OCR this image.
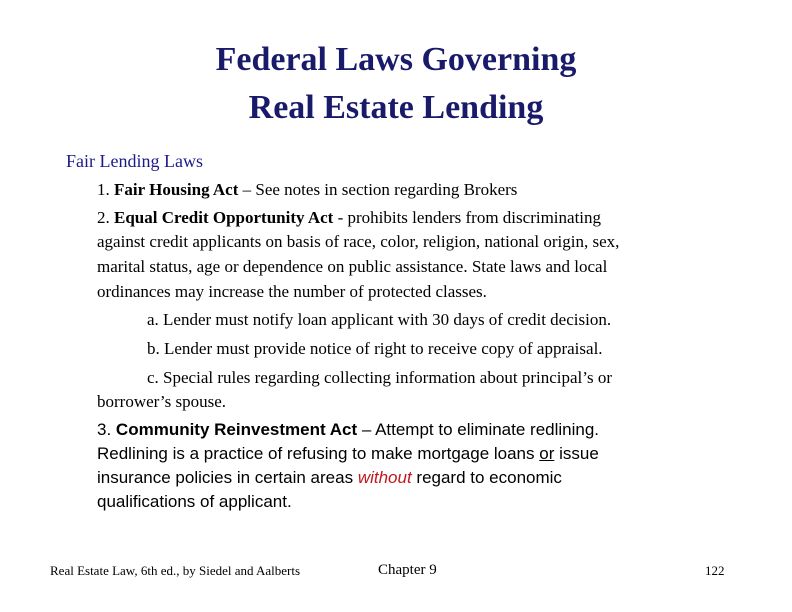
Federal Laws Governing
Real Estate Lending
Fair Lending Laws
1. Fair Housing Act – See notes in section regarding Brokers
2. Equal Credit Opportunity Act - prohibits lenders from discriminating
against credit applicants on basis of race, color, religion, national origin, sex,
marital status, age or dependence on public assistance. State laws and local
ordinances may increase the number of protected classes.
a. Lender must notify loan applicant with 30 days of credit decision.
b. Lender must provide notice of right to receive copy of appraisal.
c. Special rules regarding collecting information about principal’s or
borrower’s spouse.
3. Community Reinvestment Act – Attempt to eliminate redlining.
Redlining is a practice of refusing to make mortgage loans or issue
insurance policies in certain areas without regard to economic
qualifications of applicant.
Real Estate Law, 6th ed., by Siedel and Aalberts	Chapter 9	122
